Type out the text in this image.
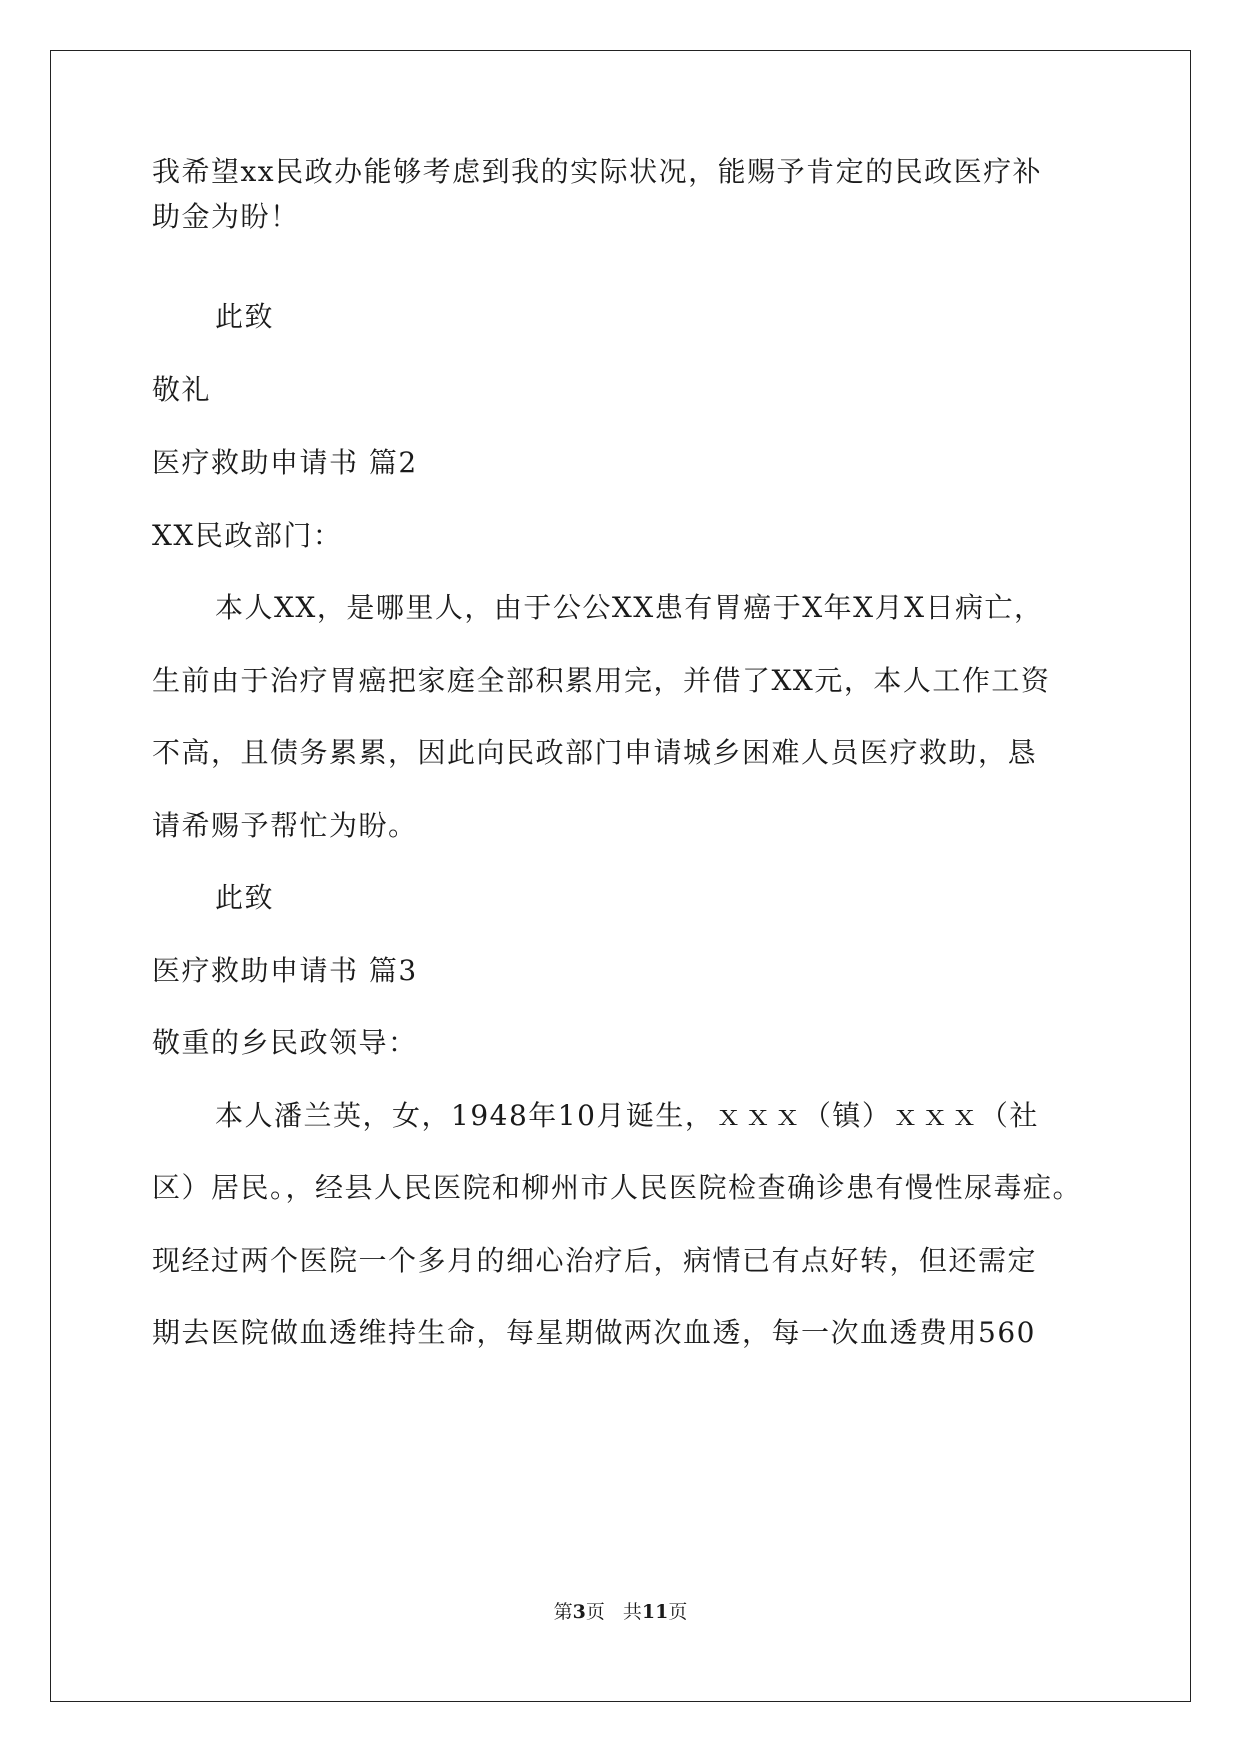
我希望xx民政办能够考虑到我的实际状况，能赐予肯定的民政医疗补
助金为盼！
此致
敬礼
医疗救助申请书 篇2
XX民政部门：
本人XX，是哪里人，由于公公XX患有胃癌于X年X月X日病亡，
生前由于治疗胃癌把家庭全部积累用完，并借了XX元，本人工作工资
不高，且债务累累，因此向民政部门申请城乡困难人员医疗救助，恳
请希赐予帮忙为盼。
此致
医疗救助申请书 篇3
敬重的乡民政领导：
本人潘兰英，女，1948年10月诞生，ｘｘｘ（镇）ｘｘｘ（社
区）居民。，经县人民医院和柳州市人民医院检查确诊患有慢性尿毒症。
现经过两个医院一个多月的细心治疗后，病情已有点好转，但还需定
期去医院做血透维持生命，每星期做两次血透，每一次血透费用560
第3页 共11页
